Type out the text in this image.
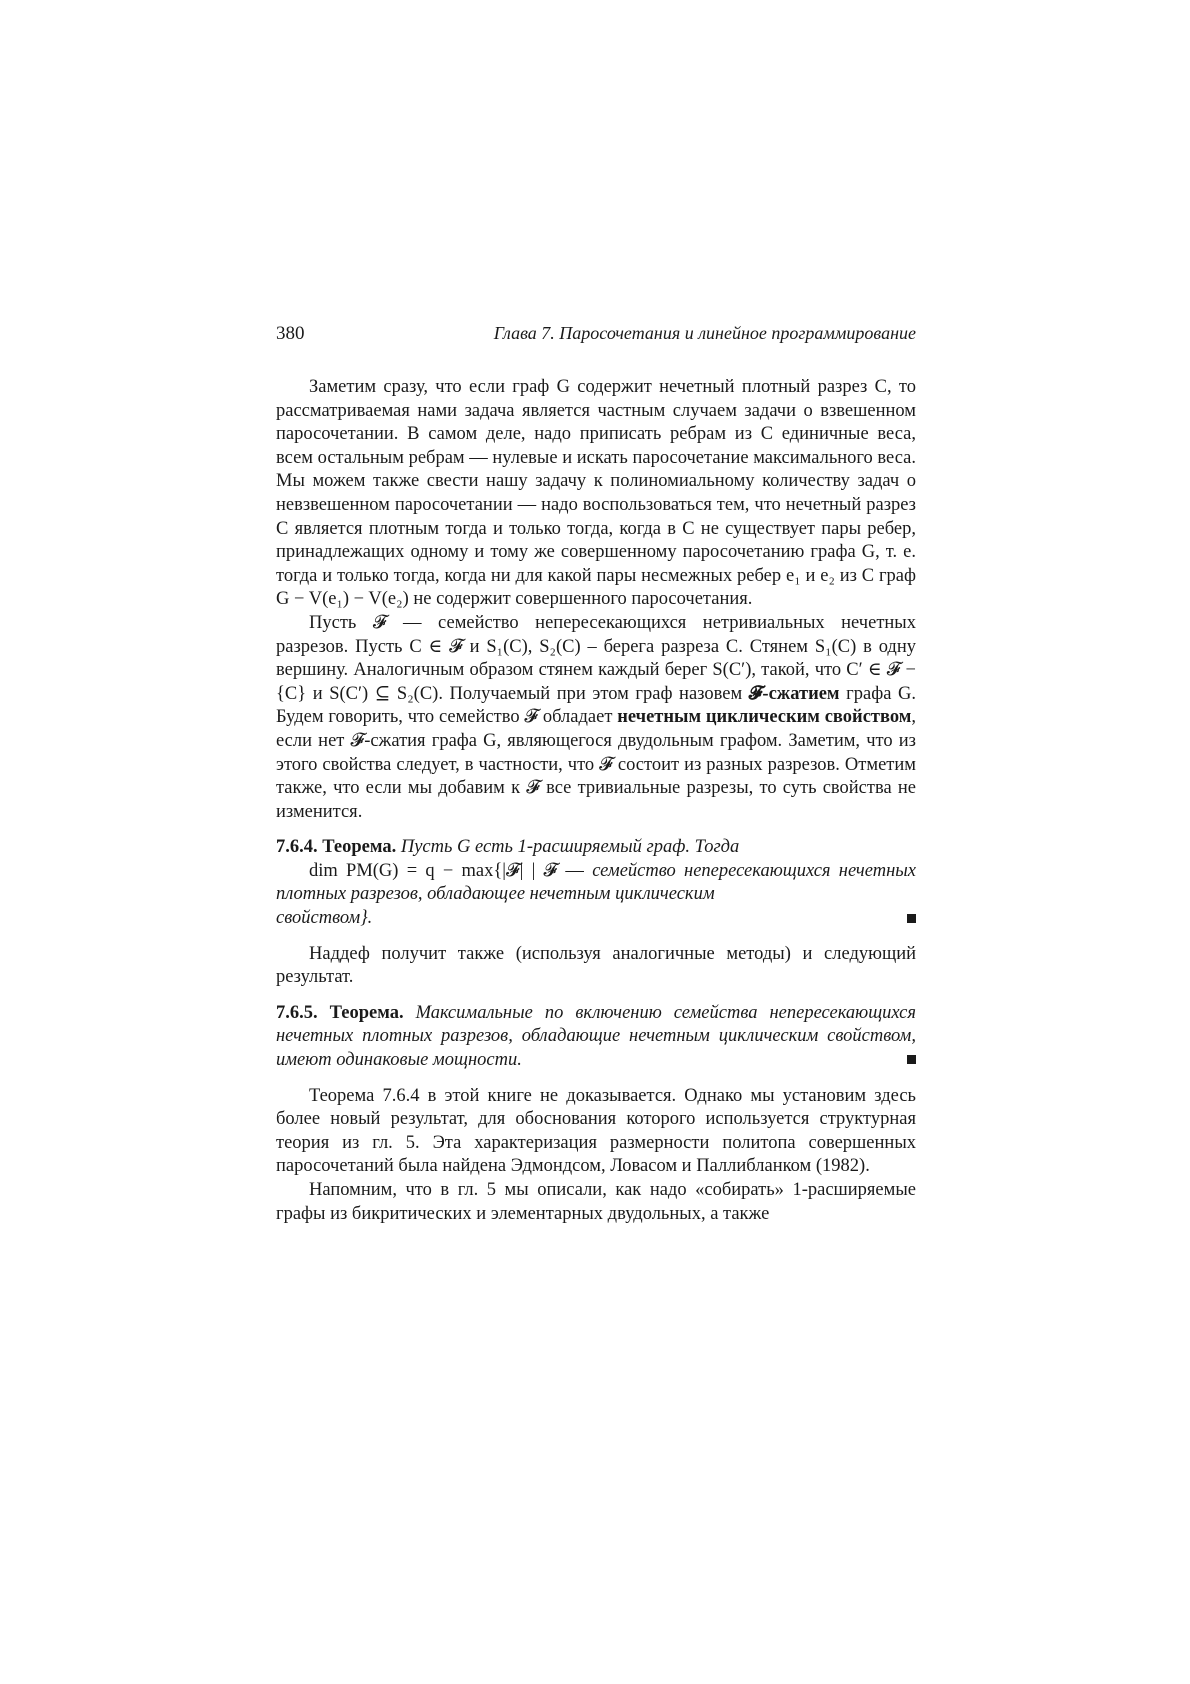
380	Глава 7. Паросочетания и линейное программирование

Заметим сразу, что если граф G содержит нечетный плотный разрез C, то рассматриваемая нами задача является частным случаем задачи о взвешенном паросочетании. В самом деле, надо приписать ребрам из C единичные веса, всем остальным ребрам — нулевые и искать паросочетание максимального веса. Мы можем также свести нашу задачу к полиномиальному количеству задач о невзвешенном паросочетании — надо воспользоваться тем, что нечетный разрез C является плотным тогда и только тогда, когда в C не существует пары ребер, принадлежащих одному и тому же совершенному паросочетанию графа G, т. е. тогда и только тогда, когда ни для какой пары несмежных ребер e₁ и e₂ из C граф G − V(e₁) − V(e₂) не содержит совершенного паросочетания.

Пусть 𝓕 — семейство непересекающихся нетривиальных нечетных разрезов. Пусть C ∈ 𝓕 и S₁(C), S₂(C) – берега разреза C. Стянем S₁(C) в одну вершину. Аналогичным образом стянем каждый берег S(C′), такой, что C′ ∈ 𝓕 − {C} и S(C′) ⊆ S₂(C). Получаемый при этом граф назовем 𝓕-сжатием графа G. Будем говорить, что семейство 𝓕 обладает нечетным циклическим свойством, если нет 𝓕-сжатия графа G, являющегося двудольным графом. Заметим, что из этого свойства следует, в частности, что 𝓕 состоит из разных разрезов. Отметим также, что если мы добавим к 𝓕 все тривиальные разрезы, то суть свойства не изменится.

7.6.4. Теорема. Пусть G есть 1-расширяемый граф. Тогда

dim PM(G) = q − max{|𝓕| | 𝓕 — семейство непересекающихся нечетных плотных разрезов, обладающее нечетным циклическим

свойством}.

Наддеф получит также (используя аналогичные методы) и следующий результат.

7.6.5. Теорема. Максимальные по включению семейства непересекающихся нечетных плотных разрезов, обладающие нечетным циклическим свойством, имеют одинаковые мощности.

Теорема 7.6.4 в этой книге не доказывается. Однако мы установим здесь более новый результат, для обоснования которого используется структурная теория из гл. 5. Эта характеризация размерности политопа совершенных паросочетаний была найдена Эдмондсом, Ловасом и Паллибланком (1982).

Напомним, что в гл. 5 мы описали, как надо «собирать» 1-расширяемые графы из бикритических и элементарных двудольных, а также
